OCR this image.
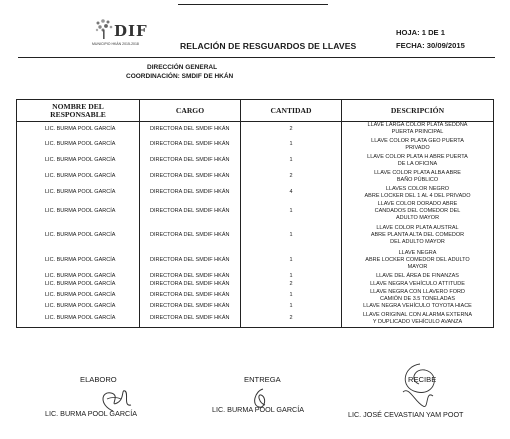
DIF
MUNICIPIO HKÁN 2015-2018	RELACIÓN DE RESGUARDOS DE LLAVES
HOJA: 1 DE 1
FECHA: 30/09/2015
DIRECCIÓN GENERAL
COORDINACIÓN: SMDIF DE HKÁN
NOMBRE DEL RESPONSABLE	CARGO	CANTIDAD	DESCRIPCIÓN
LIC. BURMA POOL GARCÍA	DIRECTORA DEL SMDIF HKÁN	2	LLAVE LARGA COLOR PLATA SEDDNA
PUERTA PRINCIPAL

LIC. BURMA POOL GARCÍA	DIRECTORA DEL SMDIF HKÁN	1	LLAVE COLOR PLATA GEO PUERTA
PRIVADO

LIC. BURMA POOL GARCÍA	DIRECTORA DEL SMDIF HKÁN	1	LLAVE COLOR PLATA H ABRE PUERTA
DE LA OFICINA

LIC. BURMA POOL GARCÍA	DIRECTORA DEL SMDIF HKÁN	2	LLAVE COLOR PLATA ALBA ABRE
BAÑO PÚBLICO

LIC. BURMA POOL GARCÍA	DIRECTORA DEL SMDIF HKÁN	4	LLAVES COLOR NEGRO
ABRE LOCKER DEL 1 AL 4 DEL PRIVADO

LIC. BURMA POOL GARCÍA	DIRECTORA DEL SMDIF HKÁN	1	LLAVE COLOR DORADO ABRE
CANDADOS DEL COMEDOR DEL
ADULTO MAYOR

LIC. BURMA POOL GARCÍA	DIRECTORA DEL SMDIF HKÁN	1	LLAVE COLOR PLATA AUSTRAL
ABRE PLANTA ALTA DEL COMEDOR
DEL ADULTO MAYOR

LIC. BURMA POOL GARCÍA	DIRECTORA DEL SMDIF HKÁN	1	LLAVE NEGRA
ABRE LOCKER COMEDOR DEL ADULTO
MAYOR

LIC. BURMA POOL GARCÍA	DIRECTORA DEL SMDIF HKÁN	1	LLAVE DEL ÁREA DE FINANZAS

LIC. BURMA POOL GARCÍA	DIRECTORA DEL SMDIF HKÁN	2	LLAVE NEGRA VEHÍCULO ATTITUDE

LIC. BURMA POOL GARCÍA	DIRECTORA DEL SMDIF HKÁN	1	LLAVE NEGRA CON LLAVERO FORD
CAMIÓN DE 3.5 TONELADAS

LIC. BURMA POOL GARCÍA	DIRECTORA DEL SMDIF HKÁN	1	LLAVE NEGRA VEHÍCULO TOYOTA HIACE

LIC. BURMA POOL GARCÍA	DIRECTORA DEL SMDIF HKÁN	2	LLAVE ORIGINAL CON ALARMA EXTERNA
Y DUPLICADO VEHÍCULO AVANZA
ELABORO	ENTREGA	RECIBE
LIC. BURMA POOL GARCÍA	LIC. BURMA POOL GARCÍA
LIC. JOSÉ CEVASTIAN YAM POOT
